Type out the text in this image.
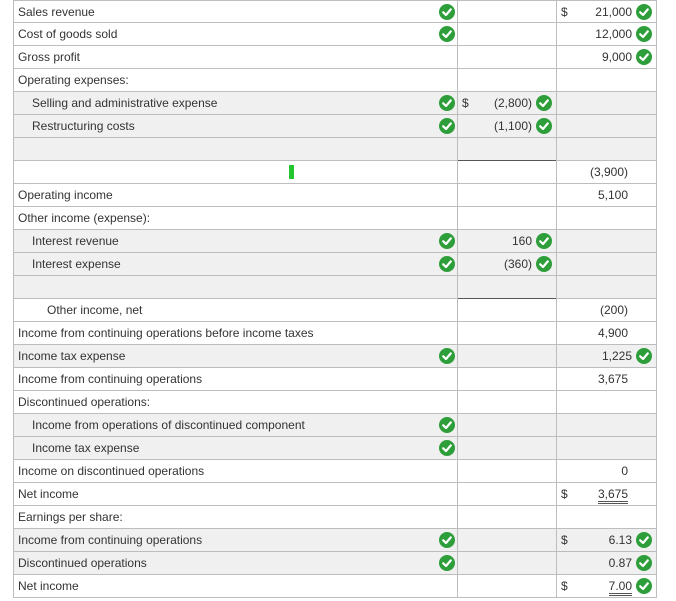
Sales revenue	$ 21,000
Cost of goods sold	12,000
Gross profit	9,000
Operating expenses:
Selling and administrative expense	$ (2,800)
Restructuring costs	(1,100)
(3,900)
Operating income	5,100
Other income (expense):
Interest revenue	160
Interest expense	(360)
Other income, net	(200)
Income from continuing operations before income taxes	4,900
Income tax expense	1,225
Income from continuing operations	3,675
Discontinued operations:
Income from operations of discontinued component
Income tax expense
Income on discontinued operations	0
Net income	$	3,675
Earnings per share:
Income from continuing operations	$	6.13
Discontinued operations	0.87
Net income	$	7.00
